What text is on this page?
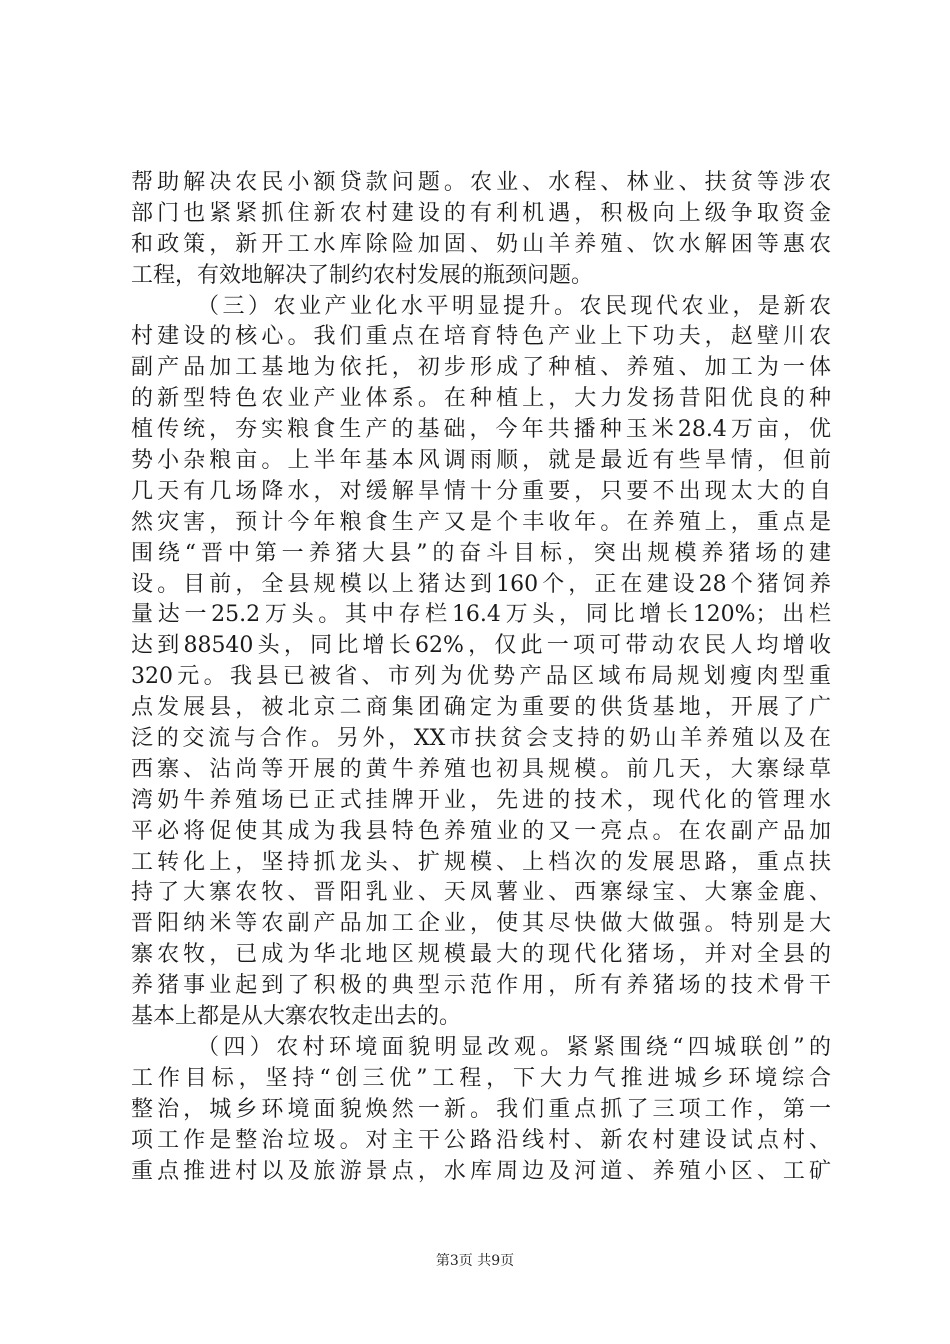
帮助解决农民小额贷款问题。农业、水程、林业、扶贫等涉农
部门也紧紧抓住新农村建设的有利机遇，积极向上级争取资金
和政策，新开工水库除险加固、奶山羊养殖、饮水解困等惠农
工程，有效地解决了制约农村发展的瓶颈问题。
（三）农业产业化水平明显提升。农民现代农业，是新农
村建设的核心。我们重点在培育特色产业上下功夫，赵壁川农
副产品加工基地为依托，初步形成了种植、养殖、加工为一体
的新型特色农业产业体系。在种植上，大力发扬昔阳优良的种
植传统，夯实粮食生产的基础，今年共播种玉米28.4万亩，优
势小杂粮亩。上半年基本风调雨顺，就是最近有些旱情，但前
几天有几场降水，对缓解旱情十分重要，只要不出现太大的自
然灾害，预计今年粮食生产又是个丰收年。在养殖上，重点是
围绕“晋中第一养猪大县”的奋斗目标，突出规模养猪场的建
设。目前，全县规模以上猪达到160个，正在建设28个猪饲养
量达一25.2万头。其中存栏16.4万头，同比增长120%；出栏
达到88540头，同比增长62%，仅此一项可带动农民人均增收
320元。我县已被省、市列为优势产品区域布局规划瘦肉型重
点发展县，被北京二商集团确定为重要的供货基地，开展了广
泛的交流与合作。另外，XX市扶贫会支持的奶山羊养殖以及在
西寨、沾尚等开展的黄牛养殖也初具规模。前几天，大寨绿草
湾奶牛养殖场已正式挂牌开业，先进的技术，现代化的管理水
平必将促使其成为我县特色养殖业的又一亮点。在农副产品加
工转化上，坚持抓龙头、扩规模、上档次的发展思路，重点扶
持了大寨农牧、晋阳乳业、天凤薯业、西寨绿宝、大寨金鹿、
晋阳纳米等农副产品加工企业，使其尽快做大做强。特别是大
寨农牧，已成为华北地区规模最大的现代化猪场，并对全县的
养猪事业起到了积极的典型示范作用，所有养猪场的技术骨干
基本上都是从大寨农牧走出去的。
（四）农村环境面貌明显改观。紧紧围绕“四城联创”的
工作目标，坚持“创三优”工程，下大力气推进城乡环境综合
整治，城乡环境面貌焕然一新。我们重点抓了三项工作，第一
项工作是整治垃圾。对主干公路沿线村、新农村建设试点村、
重点推进村以及旅游景点，水库周边及河道、养殖小区、工矿
第3页 共9页
